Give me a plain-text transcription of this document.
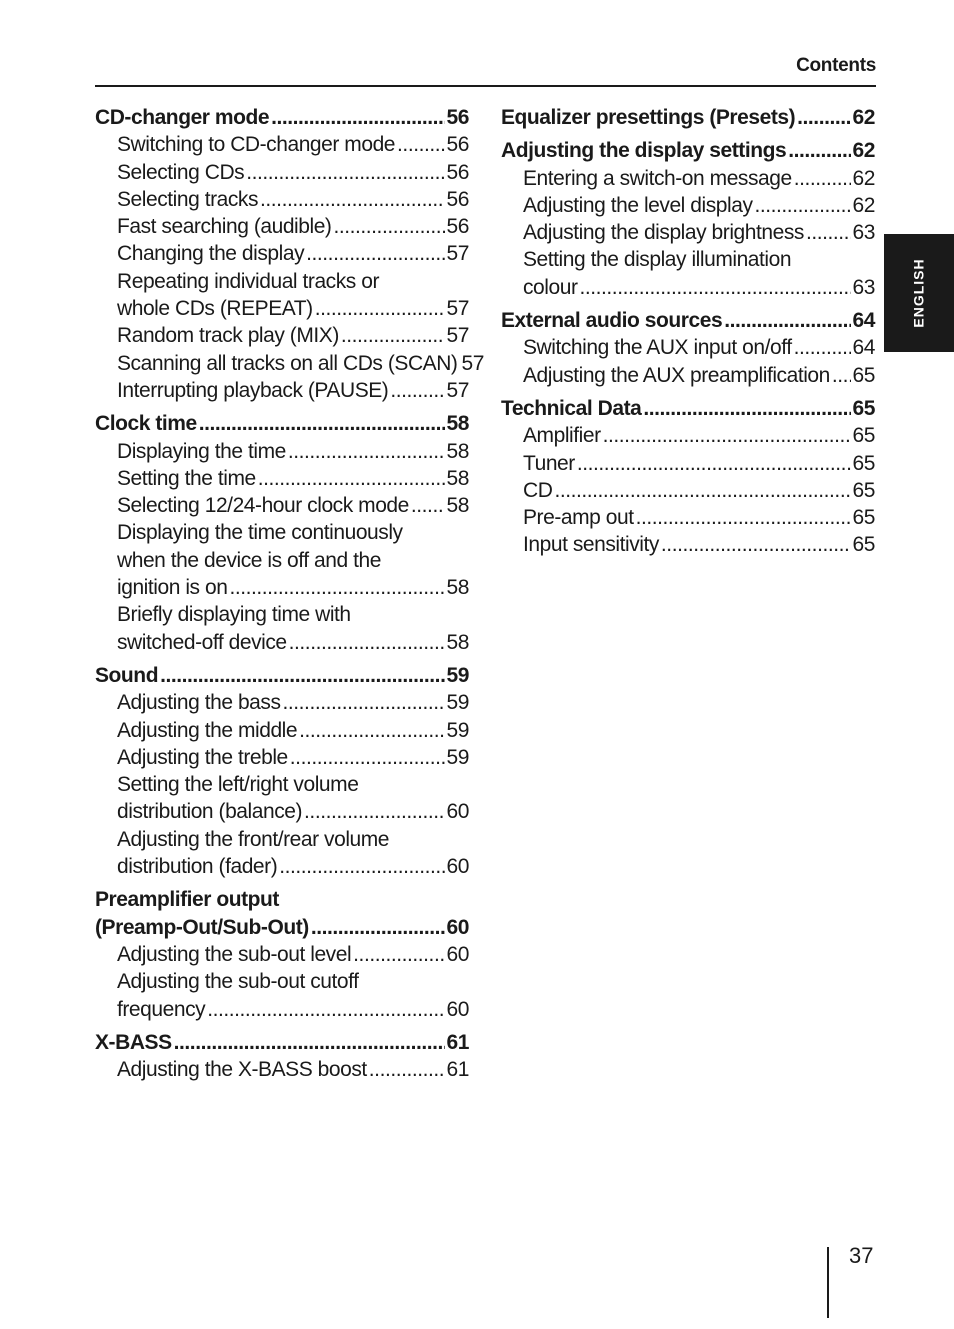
Contents
CD-changer mode .....	56
Switching to CD-changer mode ..... 56
Selecting CDs .....	56
Selecting tracks .....	56
Fast searching (audible) .....	56
Changing the display .....	57
Repeating individual tracks or
whole CDs (REPEAT) .....	57
Random track play (MIX) .....	57
Scanning all tracks on all CDs (SCAN) 57
Interrupting playback (PAUSE) .....	57
Clock time .....	58
Displaying the time .....	58
Setting the time .....	58
Selecting 12/24-hour clock mode ..... 58
Displaying the time continuously
when the device is off and the
ignition is on .....	58
Briefly displaying time with
switched-off device .....	58
Sound .....	59
Adjusting the bass .....	59
Adjusting the middle .....	59
Adjusting the treble .....	59
Setting the left/right volume
distribution (balance) .....	60
Adjusting the front/rear volume
distribution (fader) .....	60
Preamplifier output
(Preamp-Out/Sub-Out) .....	60
Adjusting the sub-out level .....	60
Adjusting the sub-out cutoff
frequency .....	60
X-BASS .....	61
Adjusting the X-BASS boost .....	61
Equalizer presettings (Presets) .....	62
Adjusting the display settings .....	62
Entering a switch-on message .....	62
Adjusting the level display .....	62
Adjusting the display brightness ..... 63
Setting the display illumination
colour .....	63
External audio sources .....	64
Switching the AUX input on/off .....	64
Adjusting the AUX preamplification ..... 65
Technical Data .....	65
Amplifier .....	65
Tuner .....	65
CD .....	65
Pre-amp out .....	65
Input sensitivity .....	65
ENGLISH
37
